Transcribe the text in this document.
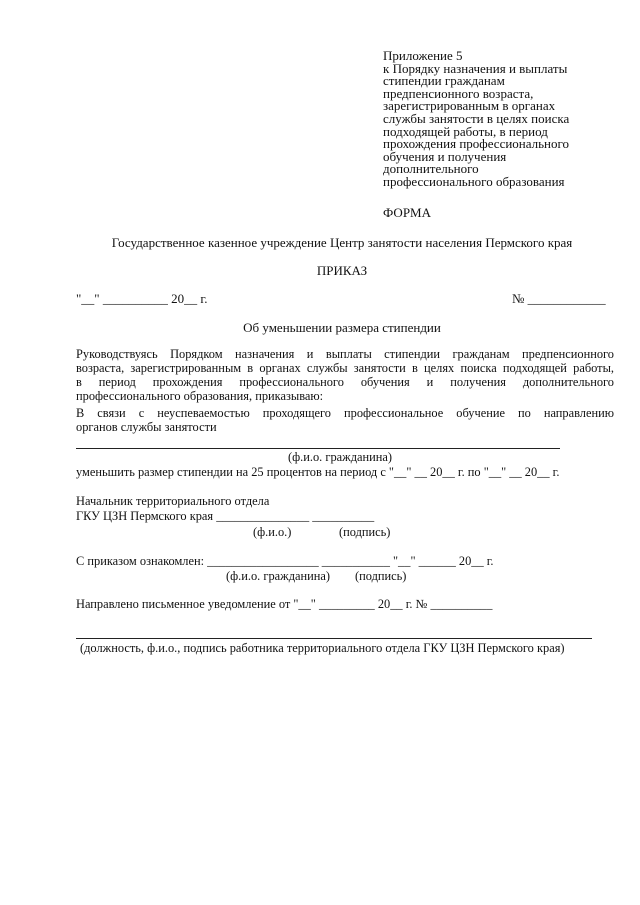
Приложение 5
к Порядку назначения и выплаты
стипендии гражданам
предпенсионного возраста,
зарегистрированным в органах
службы занятости в целях поиска
подходящей работы, в период
прохождения профессионального
обучения и получения
дополнительного
профессионального образования
ФОРМА
Государственное казенное учреждение Центр занятости населения Пермского края
ПРИКАЗ
"__" __________ 20__ г.	№ ____________
Об уменьшении размера стипендии
Руководствуясь Порядком назначения и выплаты стипендии гражданам предпенсионного
возраста, зарегистрированным в органах службы занятости в целях поиска подходящей работы,
в период прохождения профессионального обучения и получения дополнительного
профессионального образования, приказываю:
В связи с неуспеваемостью проходящего профессиональное обучение по направлению
органов службы занятости
(ф.и.о. гражданина)
уменьшить размер стипендии на 25 процентов на период с "__" __ 20__ г. по "__" __ 20__ г.
Начальник территориального отдела
ГКУ ЦЗН Пермского края _______________ __________
(ф.и.о.)	(подпись)
С приказом ознакомлен: __________________ ___________ "__" ______ 20__ г.
(ф.и.о. гражданина) (подпись)
Направлено письменное уведомление от "__" _________ 20__ г. № __________
(должность, ф.и.о., подпись работника территориального отдела ГКУ ЦЗН Пермского края)
